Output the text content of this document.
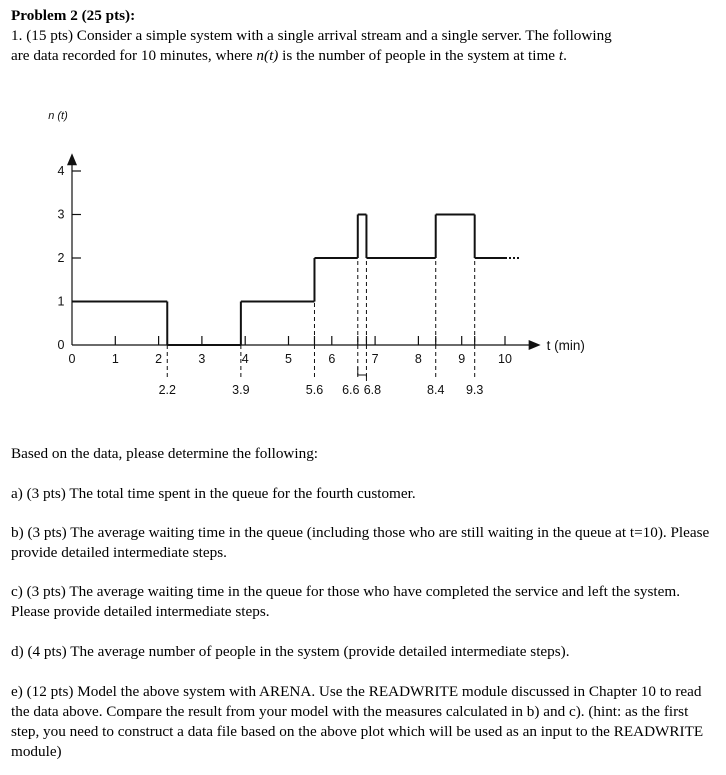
Problem 2 (25 pts):

1. (15 pts) Consider a simple system with a single arrival stream and a single server. The following
are data recorded for 10 minutes, where n(t) is the number of people in the system at time t.

0
1
2
3
4
0	1	2	3	4	5	6	7	8	9	10
n (t)
t (min)
2.2	3.9	5.6 6.6 6.8	8.4 9.3

Based on the data, please determine the following:

a) (3 pts) The total time spent in the queue for the fourth customer.

b) (3 pts) The average waiting time in the queue (including those who are still waiting in the queue at t=10). Please provide detailed intermediate steps.

c) (3 pts) The average waiting time in the queue for those who have completed the service and left the system. Please provide detailed intermediate steps.

d) (4 pts) The average number of people in the system (provide detailed intermediate steps).

e) (12 pts) Model the above system with ARENA. Use the READWRITE module discussed in Chapter 10 to read the data above. Compare the result from your model with the measures calculated in b) and c). (hint: as the first step, you need to construct a data file based on the above plot which will be used as an input to the READWRITE module)
